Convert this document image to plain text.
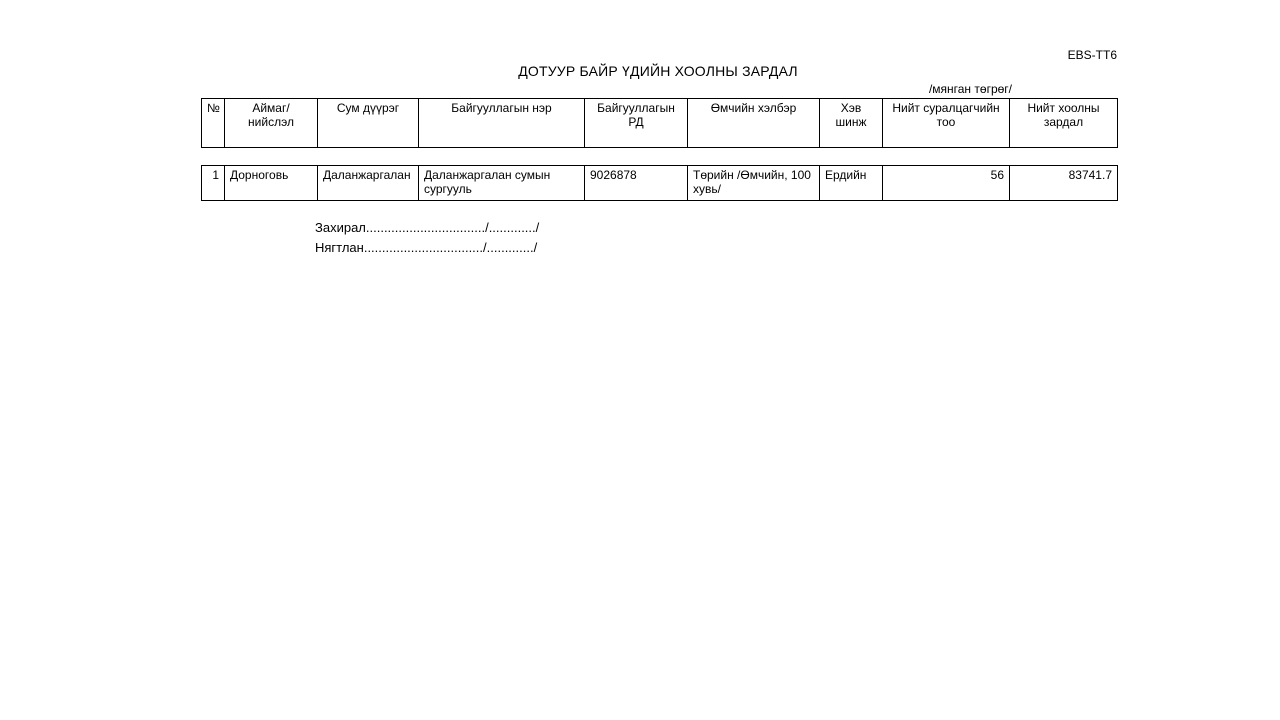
EBS-TT6
ДОТУУР БАЙР ҮДИЙН ХООЛНЫ ЗАРДАЛ
/мянган төгрөг/
№	Аймаг/ нийслэл	Сум дүүрэг	Байгууллагын нэр	Байгууллагын РД	Өмчийн хэлбэр	Хэв шинж	Нийт суралцагчийн тоо	Нийт хоолны зардал
1	Дорноговь	Даланжаргалан	Даланжаргалан сумын сургууль	9026878	Төрийн /Өмчийн, 100 хувь/	Ердийн	56	83741.7
Захирал................................./............./
Нягтлан................................./............./
